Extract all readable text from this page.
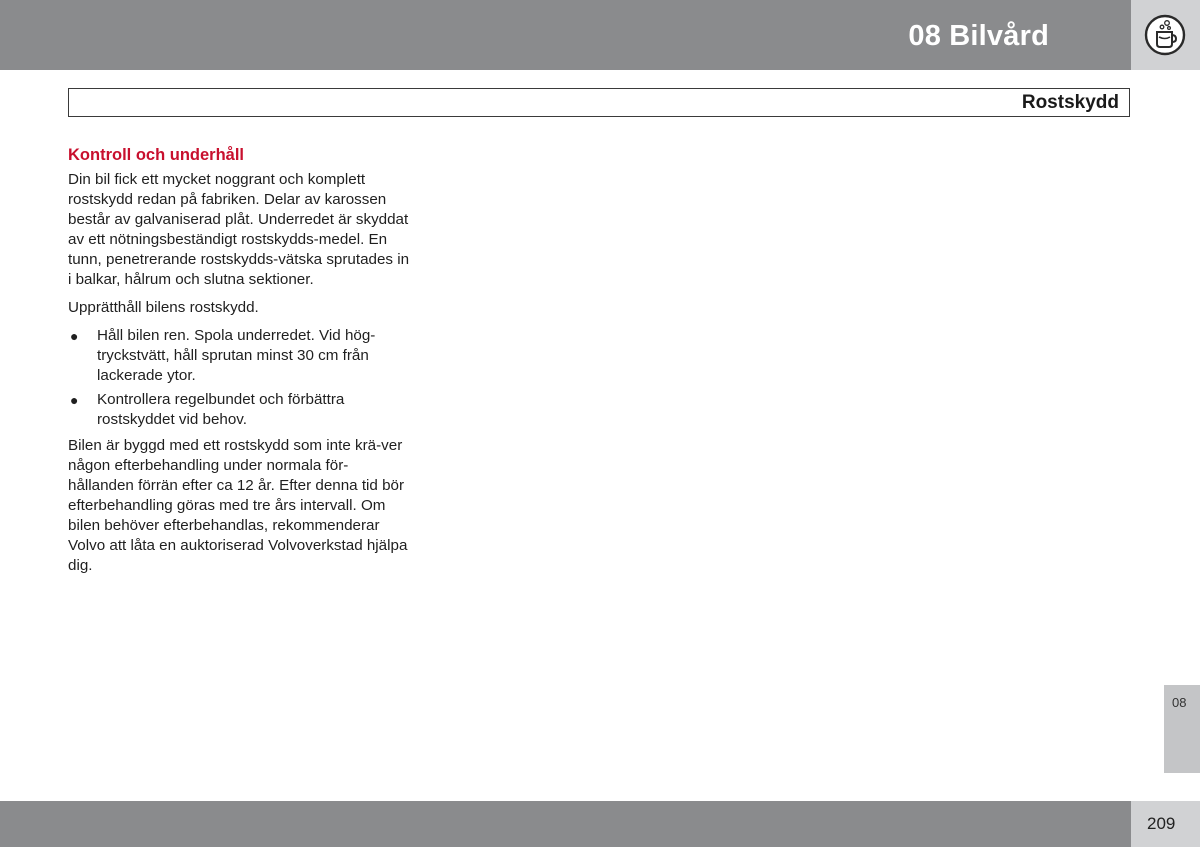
08 Bilvård
Rostskydd
Kontroll och underhåll

Din bil fick ett mycket noggrant och komplett rostskydd redan på fabriken. Delar av karossen består av galvaniserad plåt. Underredet är skyddat av ett nötningsbeständigt rostskydds-medel. En tunn, penetrerande rostskydds-vätska sprutades in i balkar, hålrum och slutna sektioner.

Upprätthåll bilens rostskydd.

● Håll bilen ren. Spola underredet. Vid hög-tryckstvätt, håll sprutan minst 30 cm från lackerade ytor.
● Kontrollera regelbundet och förbättra rostskyddet vid behov.

Bilen är byggd med ett rostskydd som inte krä-ver någon efterbehandling under normala för-hållanden förrän efter ca 12 år. Efter denna tid bör efterbehandling göras med tre års intervall. Om bilen behöver efterbehandlas, rekommenderar Volvo att låta en auktoriserad Volvoverkstad hjälpa dig.

08
209
